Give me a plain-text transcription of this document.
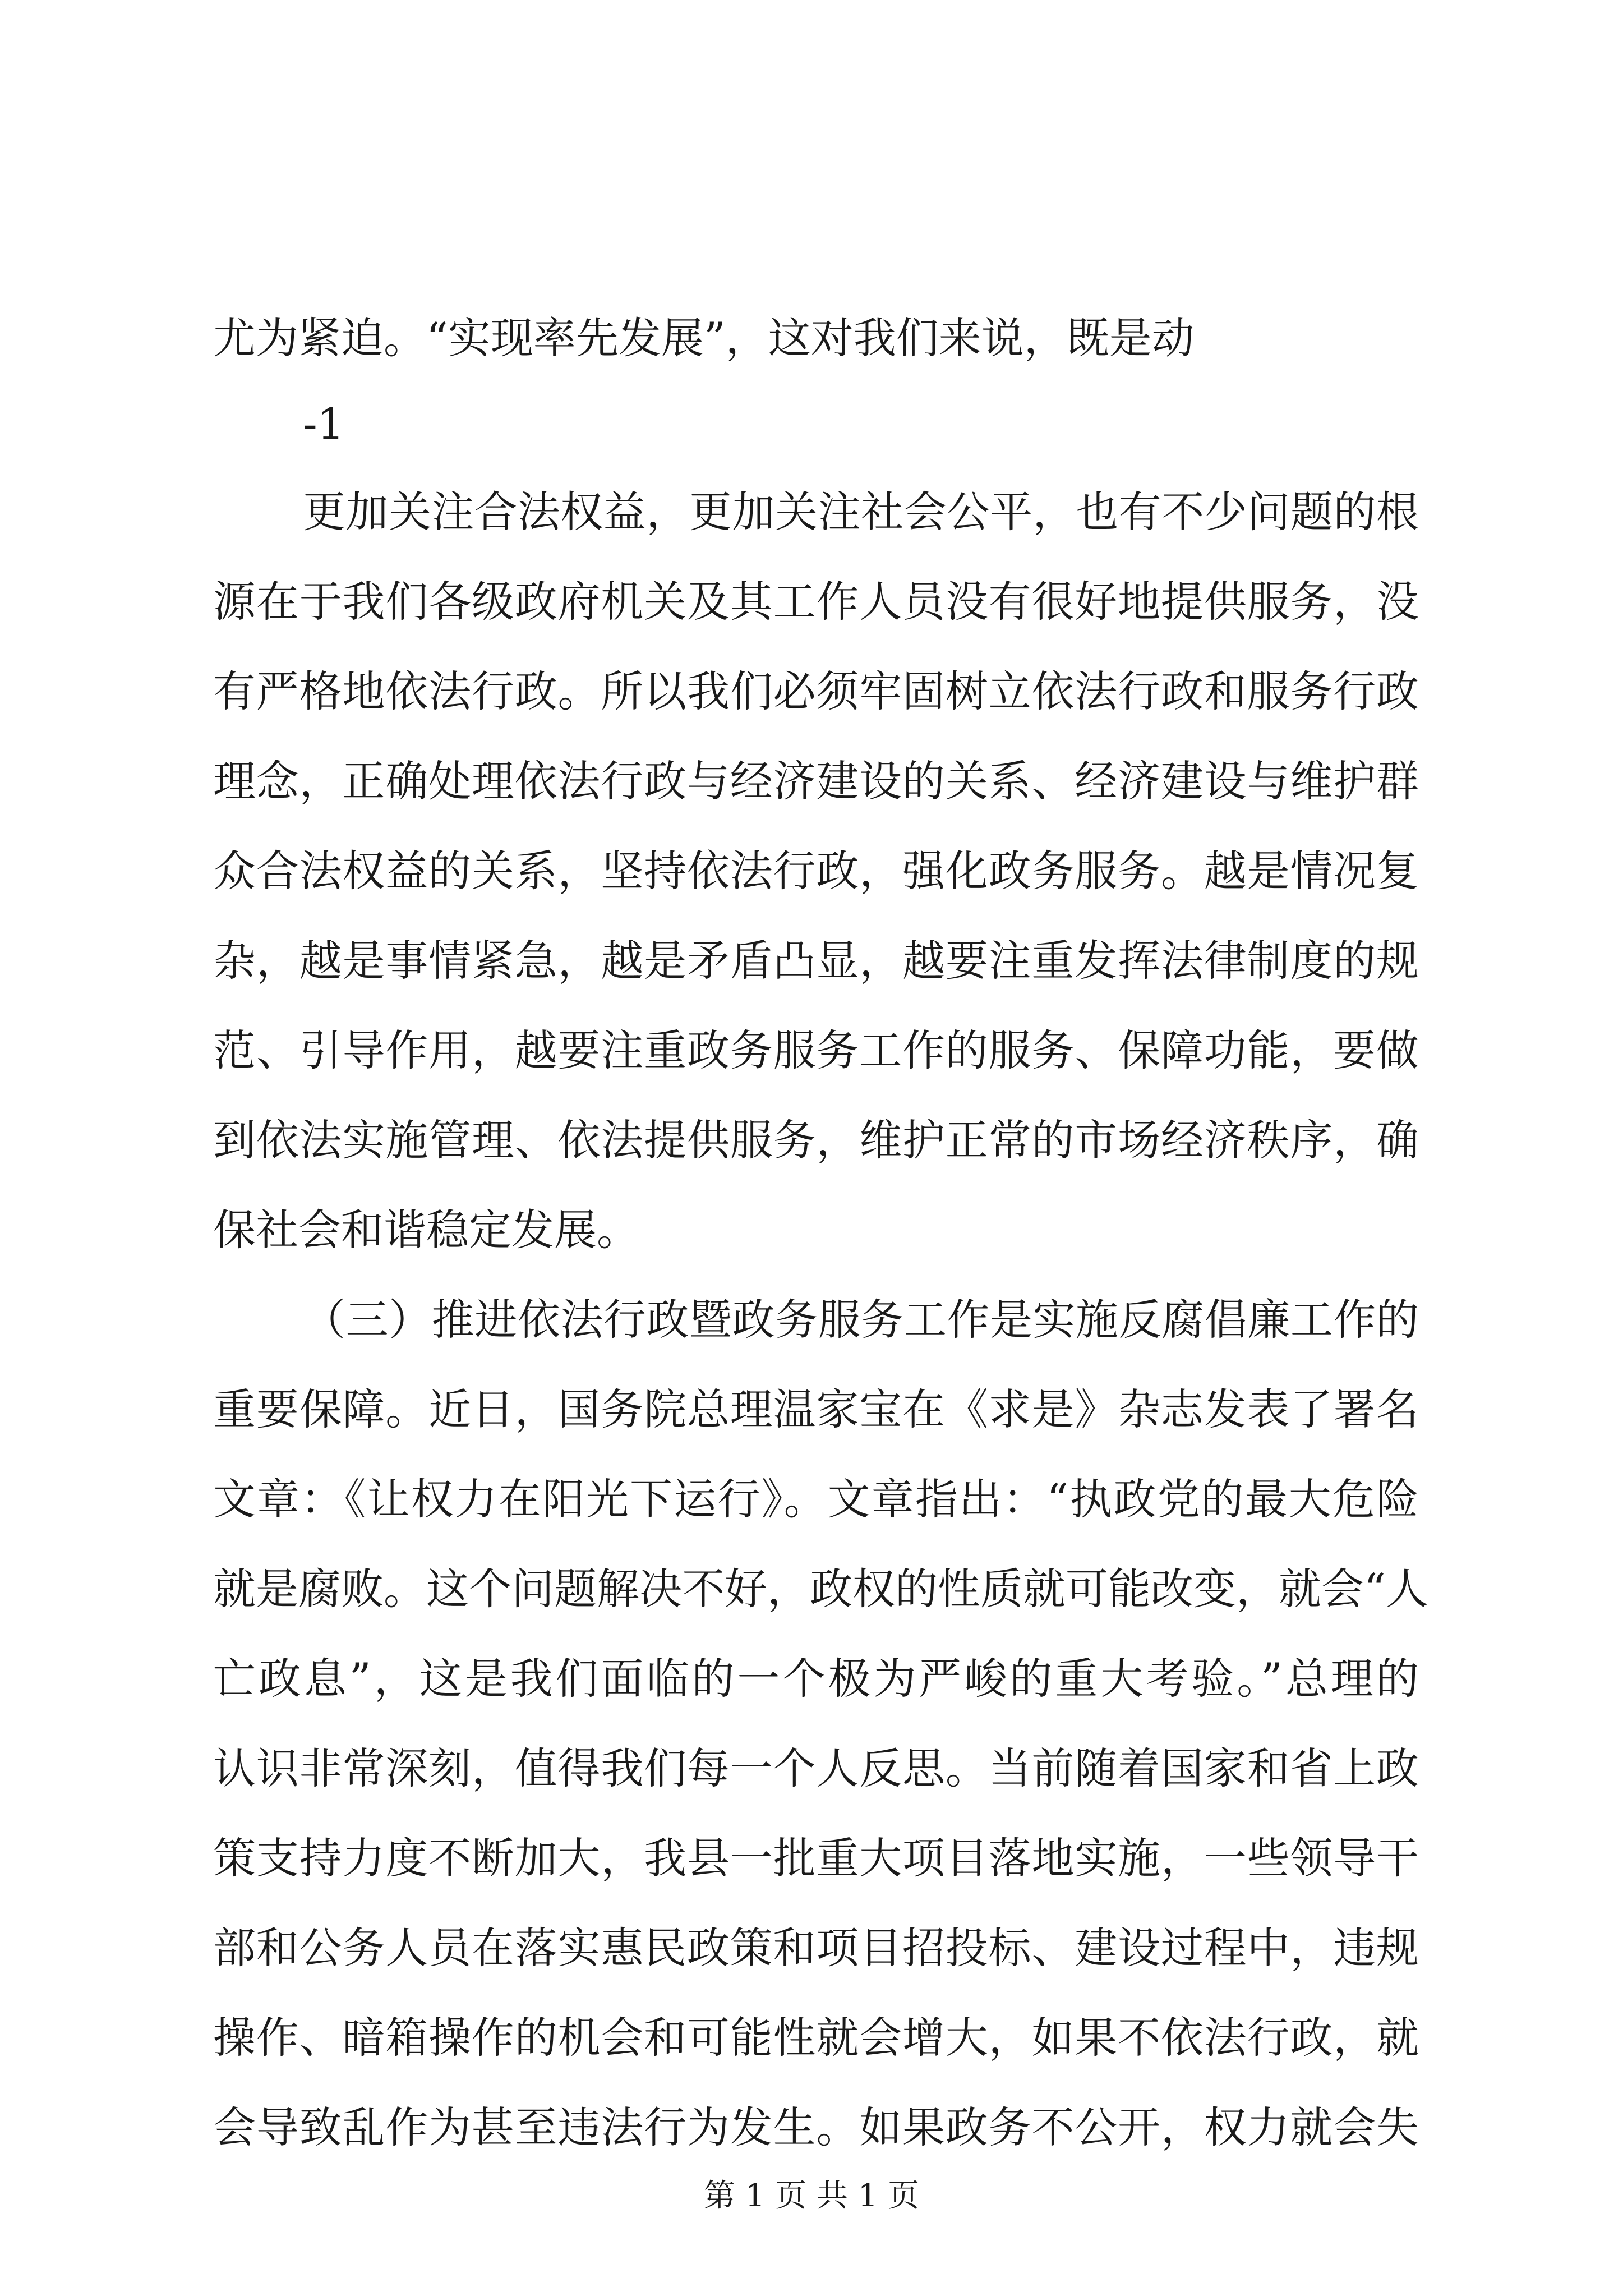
尤为紧迫。“实现率先发展”，这对我们来说，既是动
-1
更加关注合法权益，更加关注社会公平，也有不少问题的根
源在于我们各级政府机关及其工作人员没有很好地提供服务，没
有严格地依法行政。所以我们必须牢固树立依法行政和服务行政
理念，正确处理依法行政与经济建设的关系、经济建设与维护群
众合法权益的关系，坚持依法行政，强化政务服务。越是情况复
杂，越是事情紧急，越是矛盾凸显，越要注重发挥法律制度的规
范、引导作用，越要注重政务服务工作的服务、保障功能，要做
到依法实施管理、依法提供服务，维护正常的市场经济秩序，确
保社会和谐稳定发展。
（三）推进依法行政暨政务服务工作是实施反腐倡廉工作的
重要保障。近日，国务院总理温家宝在《求是》杂志发表了署名
文章：《让权力在阳光下运行》。文章指出：“执政党的最大危险
就是腐败。这个问题解决不好，政权的性质就可能改变，就会“人
亡政息”，这是我们面临的一个极为严峻的重大考验。”总理的
认识非常深刻，值得我们每一个人反思。当前随着国家和省上政
策支持力度不断加大，我县一批重大项目落地实施，一些领导干
部和公务人员在落实惠民政策和项目招投标、建设过程中，违规
操作、暗箱操作的机会和可能性就会增大，如果不依法行政，就
会导致乱作为甚至违法行为发生。如果政务不公开，权力就会失
第 1 页 共 1 页
